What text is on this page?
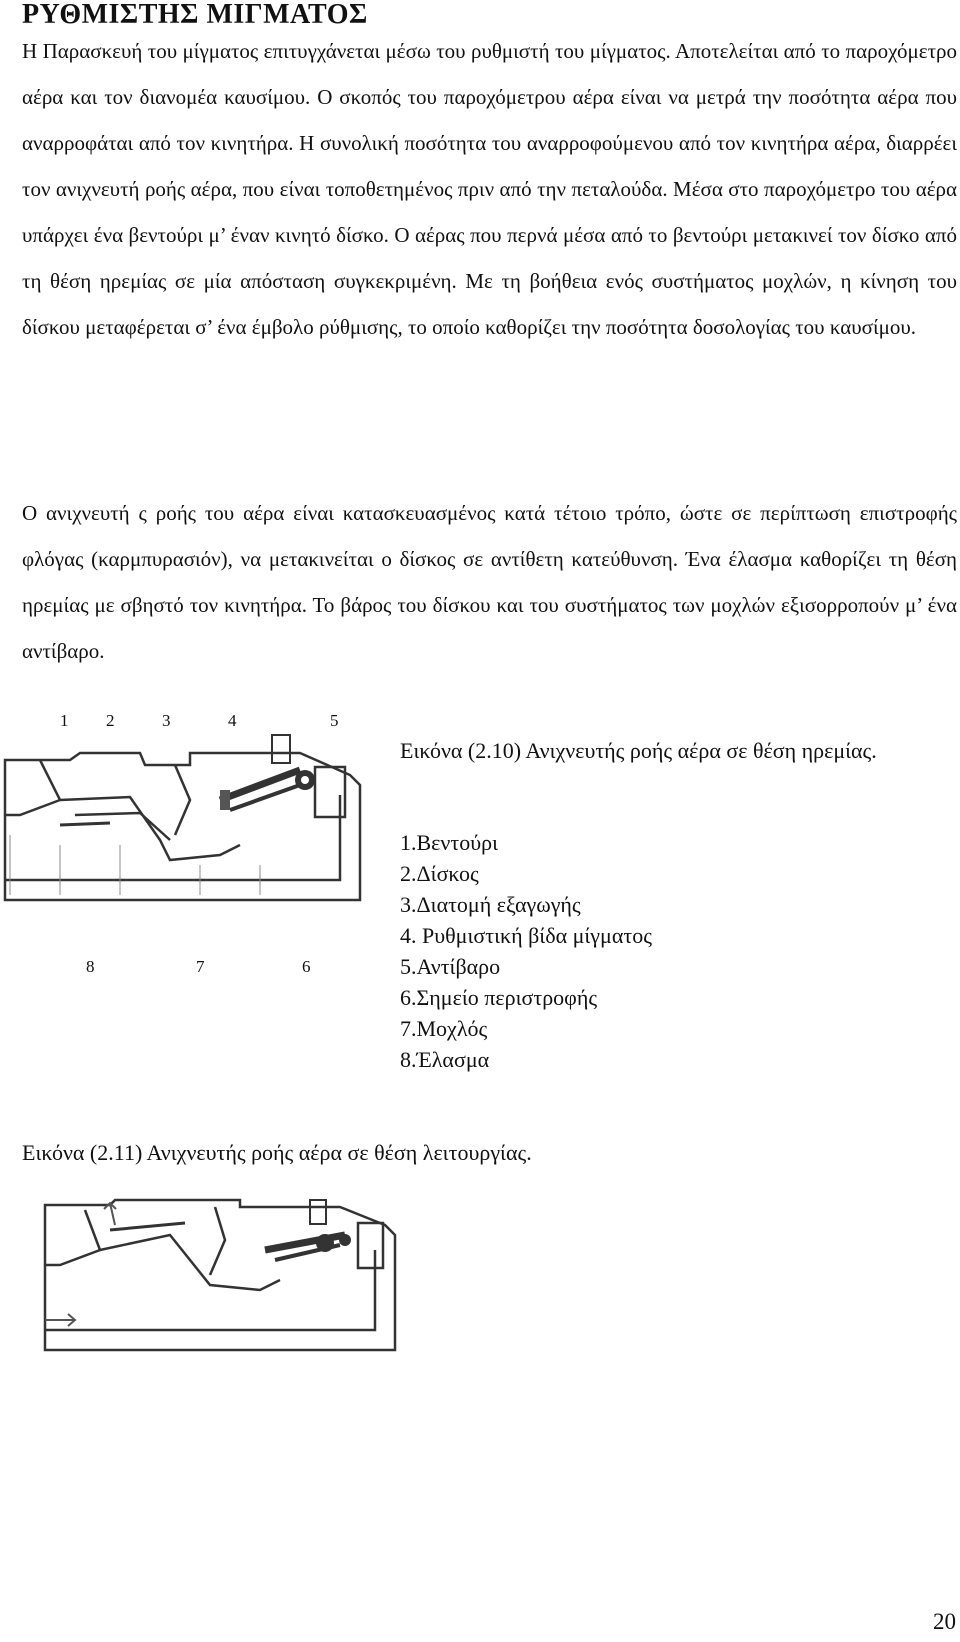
ΡΥΘΜΙΣΤΗΣ ΜΙΓΜΑΤΟΣ

Η Παρασκευή του μίγματος επιτυγχάνεται μέσω του ρυθμιστή του μίγματος. Αποτελείται από το παροχόμετρο αέρα και τον διανομέα καυσίμου. Ο σκοπός του παροχόμετρου αέρα είναι να μετρά την ποσότητα αέρα που αναρροφάται από τον κινητήρα. Η συνολική ποσότητα του αναρροφούμενου από τον κινητήρα αέρα, διαρρέει τον ανιχνευτή ροής αέρα, που είναι τοποθετημένος πριν από την πεταλούδα. Μέσα στο παροχόμετρο του αέρα υπάρχει ένα βεντούρι μ’ έναν κινητό δίσκο. Ο αέρας που περνά μέσα από το βεντούρι μετακινεί τον δίσκο από τη θέση ηρεμίας σε μία απόσταση συγκεκριμένη. Με τη βοήθεια ενός συστήματος μοχλών, η κίνηση του δίσκου μεταφέρεται σ’ ένα έμβολο ρύθμισης, το οποίο καθορίζει την ποσότητα δοσολογίας του καυσίμου.

Ο ανιχνευτή ς ροής του αέρα είναι κατασκευασμένος κατά τέτοιο τρόπο, ώστε σε περίπτωση επιστροφής φλόγας (καρμπυρασιόν), να μετακινείται ο δίσκος σε αντίθετη κατεύθυνση. Ένα έλασμα καθορίζει τη θέση ηρεμίας με σβηστό τον κινητήρα. Το βάρος του δίσκου και του συστήματος των μοχλών εξισορροπούν μ’ ένα αντίβαρο.

1 2	3	4	5
8	7	6

Εικόνα (2.10) Ανιχνευτής ροής αέρα σε θέση ηρεμίας.

1.Βεντούρι
2.Δίσκος
3.Διατομή εξαγωγής
4. Ρυθμιστική βίδα μίγματος
5.Αντίβαρο
6.Σημείο περιστροφής
7.Μοχλός
8.Έλασμα

Εικόνα (2.11) Ανιχνευτής ροής αέρα σε θέση λειτουργίας.

20
